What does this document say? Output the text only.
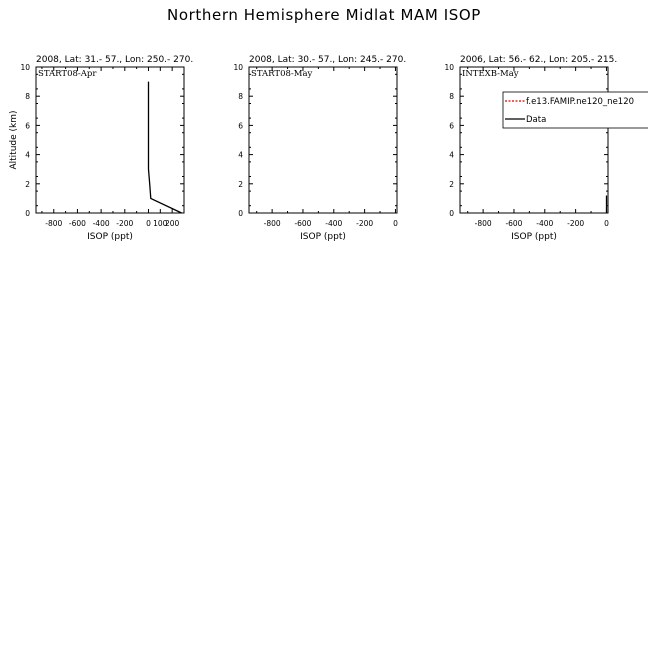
Northern Hemisphere Midlat MAM ISOP
2008, Lat: 31.- 57., Lon: 250.- 270.
0
2
4
6
8
10
-800 -600 -400 -200 0 100
200
ISOP (ppt)
Altitude (km)
START08-Apr
2008, Lat: 30.- 57., Lon: 245.- 270.
0
2
4
6
8
10
-800 -600 -400 -200	0
ISOP (ppt)
START08-May
2006, Lat: 56.- 62., Lon: 205.- 215.
0
2
4
6
8
10
-800 -600 -400 -200	0
ISOP (ppt)
INTEXB-May
f.e13.FAMIP.ne120_ne120
Data
